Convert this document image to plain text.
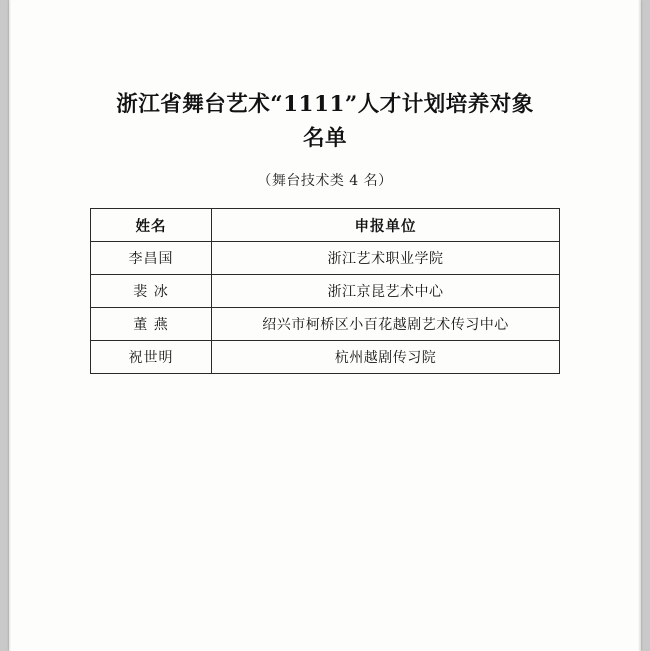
浙江省舞台艺术“1111”人才计划培养对象
名单
（舞台技术类 4 名）
姓名	申报单位
李昌国	浙江艺术职业学院
裴 冰	浙江京昆艺术中心
董 燕	绍兴市柯桥区小百花越剧艺术传习中心
祝世明	杭州越剧传习院
